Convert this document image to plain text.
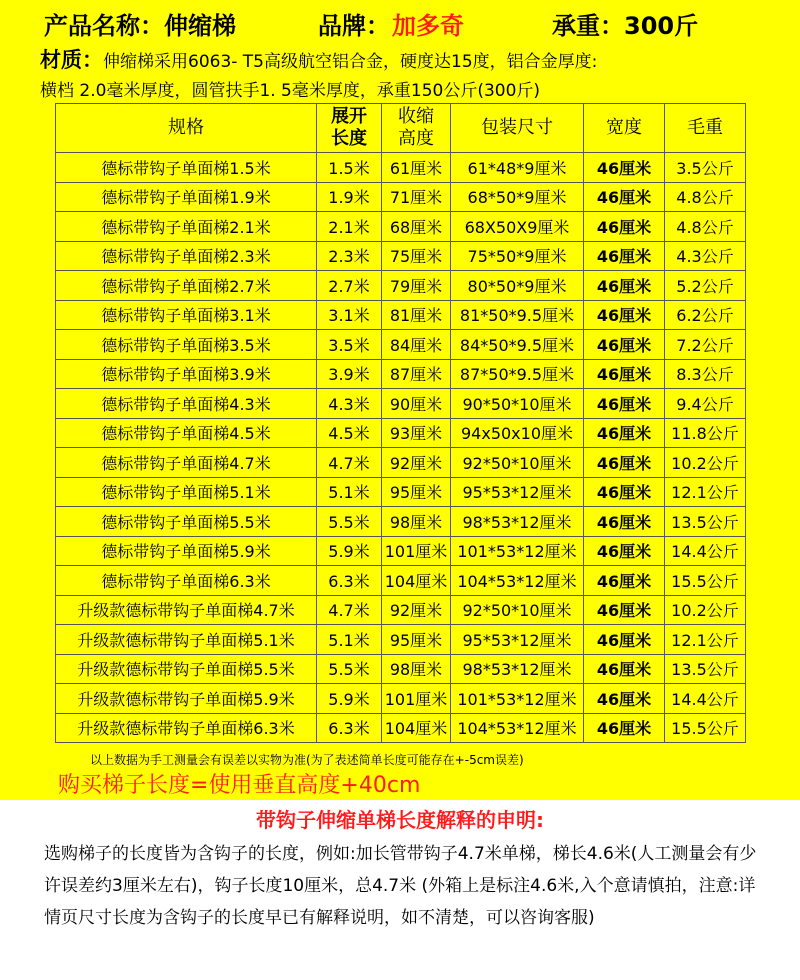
产品名称：伸缩梯	品牌： 加多奇	承重：300斤
材质：伸缩梯采用6063- T5高级航空铝合金，硬度达15度，铝合金厚度:
横档 2.0毫米厚度，圆管扶手1. 5毫米厚度，承重150公斤(300斤)
规格	展开长度	收缩高度	包装尺寸	宽度	毛重
德标带钩子单面梯1.5米	1.5米	61厘米	61*48*9厘米	46厘米	3.5公斤
德标带钩子单面梯1.9米	1.9米	71厘米	68*50*9厘米	46厘米	4.8公斤
德标带钩子单面梯2.1米	2.1米	68厘米	68X50X9厘米	46厘米	4.8公斤
德标带钩子单面梯2.3米	2.3米	75厘米	75*50*9厘米	46厘米	4.3公斤
德标带钩子单面梯2.7米	2.7米	79厘米	80*50*9厘米	46厘米	5.2公斤
德标带钩子单面梯3.1米	3.1米	81厘米	81*50*9.5厘米	46厘米	6.2公斤
德标带钩子单面梯3.5米	3.5米	84厘米	84*50*9.5厘米	46厘米	7.2公斤
德标带钩子单面梯3.9米	3.9米	87厘米	87*50*9.5厘米	46厘米	8.3公斤
德标带钩子单面梯4.3米	4.3米	90厘米	90*50*10厘米	46厘米	9.4公斤
德标带钩子单面梯4.5米	4.5米	93厘米	94x50x10厘米	46厘米	11.8公斤
德标带钩子单面梯4.7米	4.7米	92厘米	92*50*10厘米	46厘米	10.2公斤
德标带钩子单面梯5.1米	5.1米	95厘米	95*53*12厘米	46厘米	12.1公斤
德标带钩子单面梯5.5米	5.5米	98厘米	98*53*12厘米	46厘米	13.5公斤
德标带钩子单面梯5.9米	5.9米	101厘米	101*53*12厘米	46厘米	14.4公斤
德标带钩子单面梯6.3米	6.3米	104厘米	104*53*12厘米	46厘米	15.5公斤
升级款德标带钩子单面梯4.7米	4.7米	92厘米	92*50*10厘米	46厘米	10.2公斤
升级款德标带钩子单面梯5.1米	5.1米	95厘米	95*53*12厘米	46厘米	12.1公斤
升级款德标带钩子单面梯5.5米	5.5米	98厘米	98*53*12厘米	46厘米	13.5公斤
升级款德标带钩子单面梯5.9米	5.9米	101厘米	101*53*12厘米	46厘米	14.4公斤
升级款德标带钩子单面梯6.3米	6.3米	104厘米	104*53*12厘米	46厘米	15.5公斤
以上数据为手工测量会有误差以实物为准(为了表述简单长度可能存在+-5cm误差)
购买梯子长度=使用垂直高度+40cm
带钩子伸缩单梯长度解释的申明:
选购梯子的长度皆为含钩子的长度，例如:加长管带钩子4.7米单梯，梯长4.6米(人工测量会有少许误差约3厘米左右)，钩子长度10厘米，总4.7米 (外箱上是标注4.6米,入个意请慎拍，注意:详情页尺寸长度为含钩子的长度早已有解释说明，如不清楚，可以咨询客服)
